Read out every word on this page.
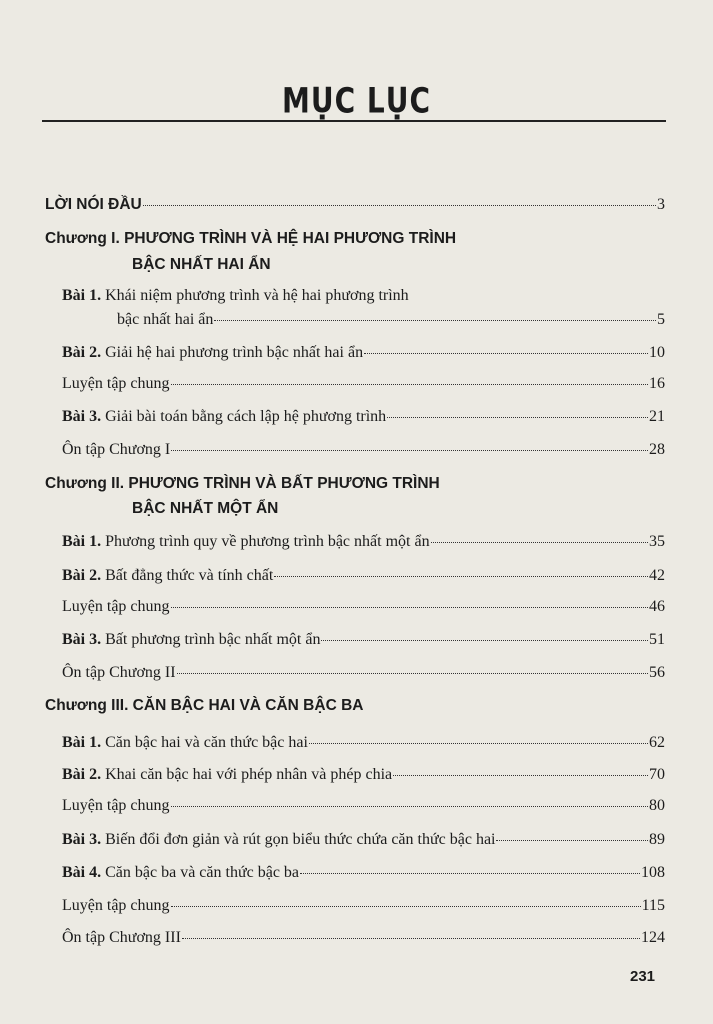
MỤC LỤC
LỜI NÓI ĐẦU	3
Chương I. PHƯƠNG TRÌNH VÀ HỆ HAI PHƯƠNG TRÌNH
BẬC NHẤT HAI ẨN
Bài 1. Khái niệm phương trình và hệ hai phương trình
bậc nhất hai ẩn	5
Bài 2. Giải hệ hai phương trình bậc nhất hai ẩn	10
Luyện tập chung	16
Bài 3. Giải bài toán bằng cách lập hệ phương trình	21
Ôn tập Chương I	28
Chương II. PHƯƠNG TRÌNH VÀ BẤT PHƯƠNG TRÌNH
BẬC NHẤT MỘT ẨN
Bài 1. Phương trình quy về phương trình bậc nhất một ẩn	35
Bài 2. Bất đẳng thức và tính chất	42
Luyện tập chung	46
Bài 3. Bất phương trình bậc nhất một ẩn	51
Ôn tập Chương II	56
Chương III. CĂN BẬC HAI VÀ CĂN BẬC BA
Bài 1. Căn bậc hai và căn thức bậc hai	62
Bài 2. Khai căn bậc hai với phép nhân và phép chia	70
Luyện tập chung	80
Bài 3. Biến đổi đơn giản và rút gọn biểu thức chứa căn thức bậc hai	89
Bài 4. Căn bậc ba và căn thức bậc ba	108
Luyện tập chung	115
Ôn tập Chương III	124
231
